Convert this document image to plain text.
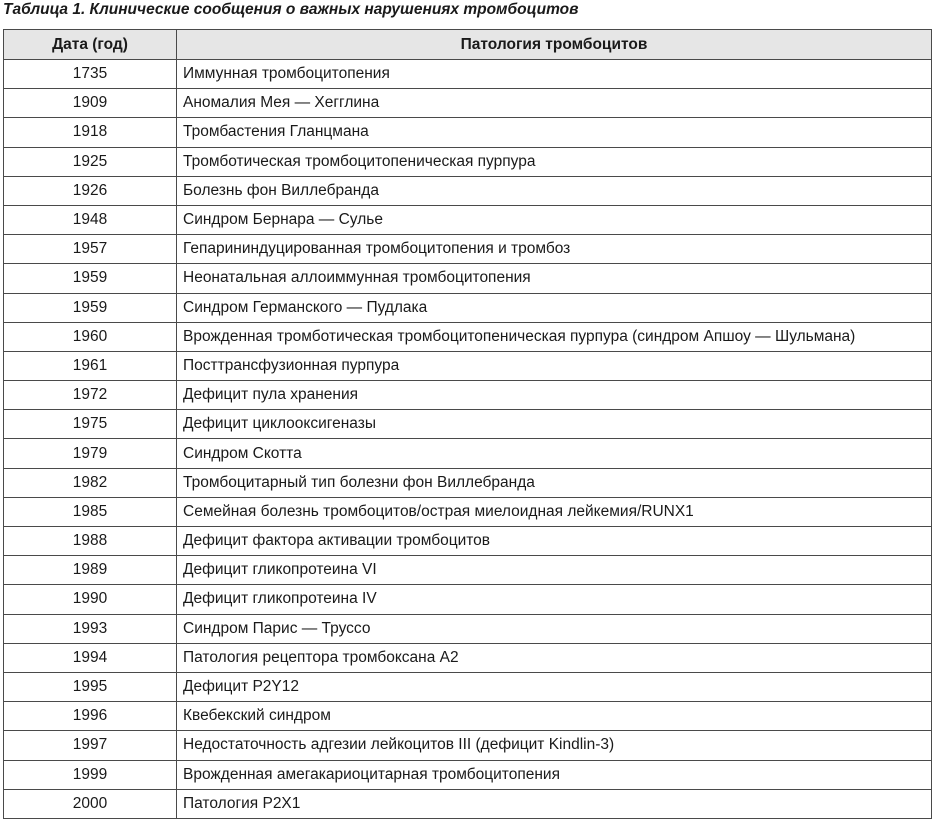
Таблица 1. Клинические сообщения о важных нарушениях тромбоцитов
Дата (год)	Патология тромбоцитов
1735	Иммунная тромбоцитопения
1909	Аномалия Мея — Хегглина
1918	Тромбастения Гланцмана
1925	Тромботическая тромбоцитопеническая пурпура
1926	Болезнь фон Виллебранда
1948	Синдром Бернара — Сулье
1957	Гепарининдуцированная тромбоцитопения и тромбоз
1959	Неонатальная аллоиммунная тромбоцитопения
1959	Синдром Германского — Пудлака
1960	Врожденная тромботическая тромбоцитопеническая пурпура (синдром Апшоу — Шульмана)
1961	Посттрансфузионная пурпура
1972	Дефицит пула хранения
1975	Дефицит циклооксигеназы
1979	Синдром Скотта
1982	Тромбоцитарный тип болезни фон Виллебранда
1985	Семейная болезнь тромбоцитов/острая миелоидная лейкемия/RUNX1
1988	Дефицит фактора активации тромбоцитов
1989	Дефицит гликопротеина VI
1990	Дефицит гликопротеина IV
1993	Синдром Парис — Труссо
1994	Патология рецептора тромбоксана A2
1995	Дефицит P2Y12
1996	Квебекский синдром
1997	Недостаточность адгезии лейкоцитов III (дефицит Kindlin-3)
1999	Врожденная амегакариоцитарная тромбоцитопения
2000	Патология P2X1
